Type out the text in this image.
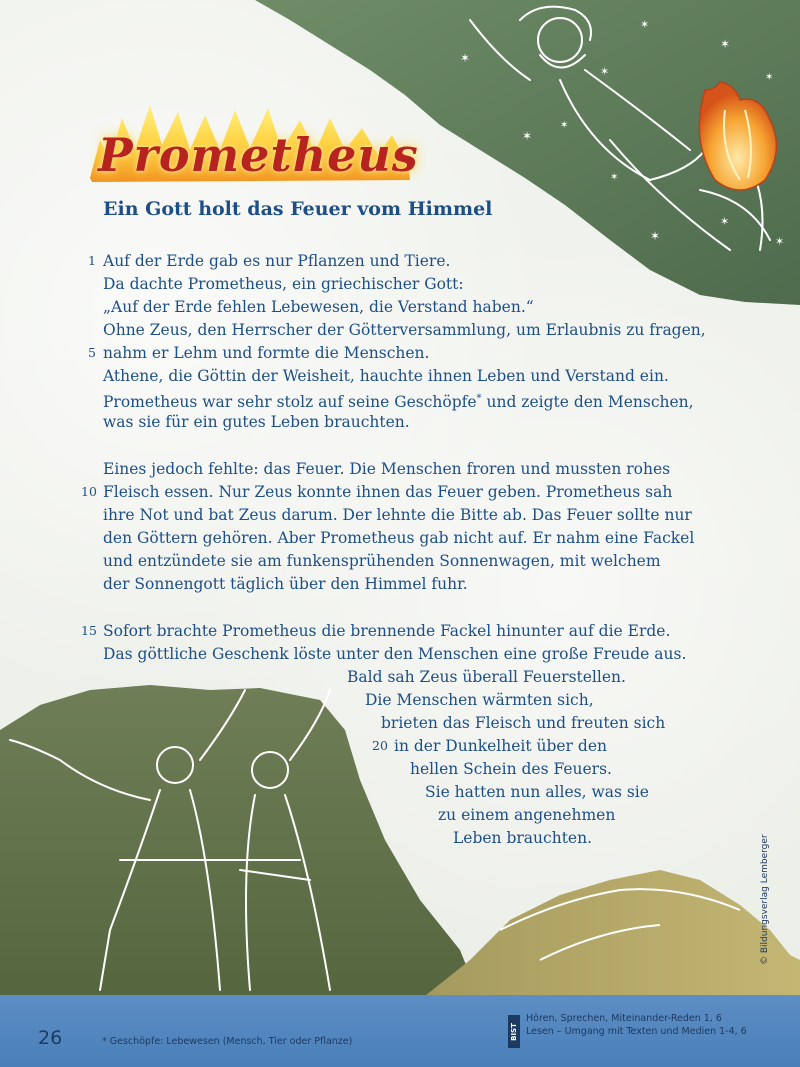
✶
✶
✶
✶
✶
✶
✶
✶
✶
✶
✶
Prometheus
Ein Gott holt das Feuer vom Himmel
1
5
10
15
20
Auf der Erde gab es nur Pflanzen und Tiere.
Da dachte Prometheus, ein griechischer Gott:
„Auf der Erde fehlen Lebewesen, die Verstand haben.“
Ohne Zeus, den Herrscher der Götterversammlung, um Erlaubnis zu fragen,
nahm er Lehm und formte die Menschen.
Athene, die Göttin der Weisheit, hauchte ihnen Leben und Verstand ein.
Prometheus war sehr stolz auf seine Geschöpfe* und zeigte den Menschen,
was sie für ein gutes Leben brauchten.
Eines jedoch fehlte: das Feuer. Die Menschen froren und mussten rohes
Fleisch essen. Nur Zeus konnte ihnen das Feuer geben. Prometheus sah
ihre Not und bat Zeus darum. Der lehnte die Bitte ab. Das Feuer sollte nur
den Göttern gehören. Aber Prometheus gab nicht auf. Er nahm eine Fackel
und entzündete sie am funkensprühenden Sonnenwagen, mit welchem
der Sonnengott täglich über den Himmel fuhr.
Sofort brachte Prometheus die brennende Fackel hinunter auf die Erde.
Das göttliche Geschenk löste unter den Menschen eine große Freude aus.
Bald sah Zeus überall Feuerstellen.
Die Menschen wärmten sich,
brieten das Fleisch und freuten sich
in der Dunkelheit über den
hellen Schein des Feuers.
Sie hatten nun alles, was sie
zu einem angenehmen
Leben brauchten.
26	* Geschöpfe: Lebewesen (Mensch, Tier oder Pflanze)
BIST
Hören, Sprechen, Miteinander-Reden 1, 6
Lesen – Umgang mit Texten und Medien 1-4, 6
© Bildungsverlag Lemberger
